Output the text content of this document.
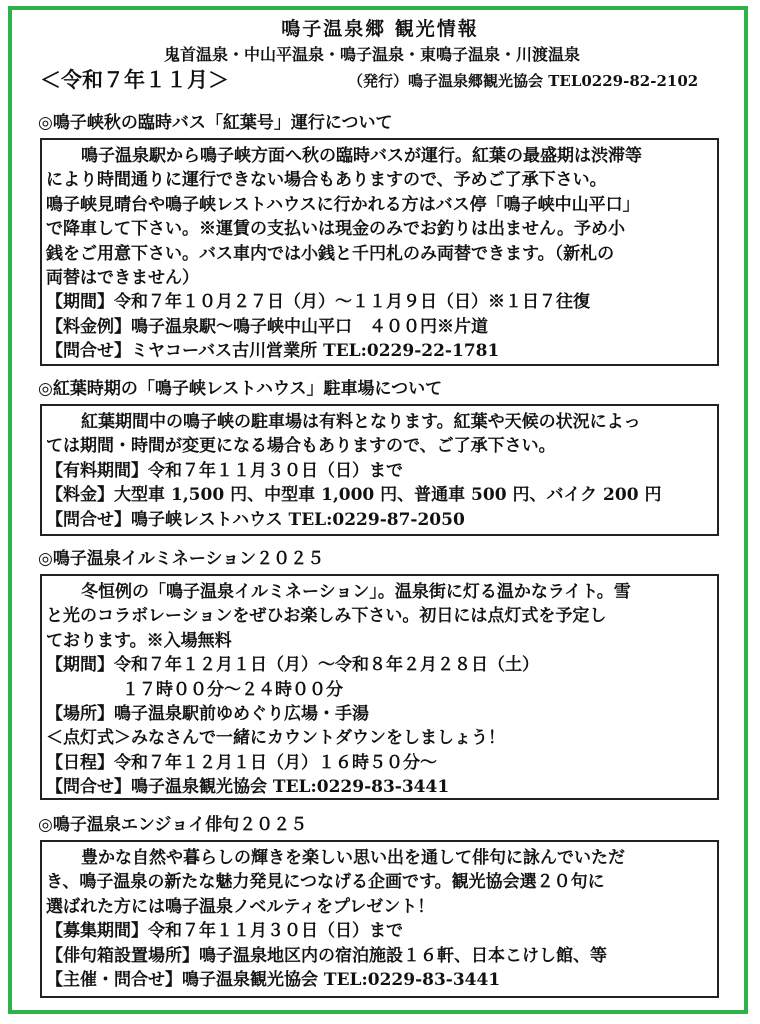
鳴子温泉郷 観光情報
鬼首温泉・中山平温泉・鳴子温泉・東鳴子温泉・川渡温泉
＜令和７年１１月＞	（発行）鳴子温泉郷観光協会 TEL0229-82-2102
◎鳴子峡秋の臨時バス「紅葉号」運行について
　鳴子温泉駅から鳴子峡方面へ秋の臨時バスが運行。紅葉の最盛期は渋滞等
により時間通りに運行できない場合もありますので、予めご了承下さい。
鳴子峡見晴台や鳴子峡レストハウスに行かれる方はバス停「鳴子峡中山平口」
で降車して下さい。※運賃の支払いは現金のみでお釣りは出ません。予め小
銭をご用意下さい。バス車内では小銭と千円札のみ両替できます。（新札の
両替はできません）
【期間】令和７年１０月２７日（月）～１１月９日（日）※１日７往復
【料金例】鳴子温泉駅～鳴子峡中山平口　４００円※片道
【問合せ】ミヤコーバス古川営業所 TEL:0229-22-1781
◎紅葉時期の「鳴子峡レストハウス」駐車場について
　紅葉期間中の鳴子峡の駐車場は有料となります。紅葉や天候の状況によっ
ては期間・時間が変更になる場合もありますので、ご了承下さい。
【有料期間】令和７年１１月３０日（日）まで
【料金】大型車 1,500 円、中型車 1,000 円、普通車 500 円、バイク 200 円
【問合せ】鳴子峡レストハウス TEL:0229-87-2050
◎鳴子温泉イルミネーション２０２５
　冬恒例の「鳴子温泉イルミネーション」。温泉街に灯る温かなライト。雪
と光のコラボレーションをぜひお楽しみ下さい。初日には点灯式を予定し
ております。※入場無料
【期間】令和７年１２月１日（月）～令和８年２月２８日（土）
１７時００分～２４時００分
【場所】鳴子温泉駅前ゆめぐり広場・手湯
＜点灯式＞みなさんで一緒にカウントダウンをしましょう！
【日程】令和７年１２月１日（月）１６時５０分～
【問合せ】鳴子温泉観光協会 TEL:0229-83-3441
◎鳴子温泉エンジョイ俳句２０２５
　豊かな自然や暮らしの輝きを楽しい思い出を通して俳句に詠んでいただ
き、鳴子温泉の新たな魅力発見につなげる企画です。観光協会選２０句に
選ばれた方には鳴子温泉ノベルティをプレゼント！
【募集期間】令和７年１１月３０日（日）まで
【俳句箱設置場所】鳴子温泉地区内の宿泊施設１６軒、日本こけし館、等
【主催・問合せ】鳴子温泉観光協会 TEL:0229-83-3441
